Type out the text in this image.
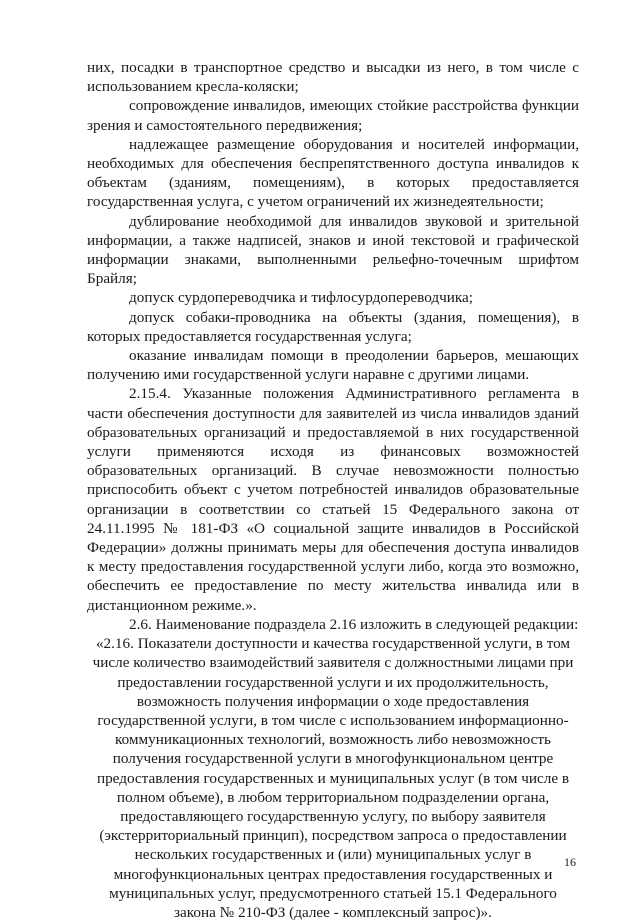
них, посадки в транспортное средство и высадки из него, в том числе с использованием кресла-коляски;

сопровождение инвалидов, имеющих стойкие расстройства функции зрения и самостоятельного передвижения;

надлежащее размещение оборудования и носителей информации, необходимых для обеспечения беспрепятственного доступа инвалидов к объектам (зданиям, помещениям), в которых предоставляется государственная услуга, с учетом ограничений их жизнедеятельности;

дублирование необходимой для инвалидов звуковой и зрительной информации, а также надписей, знаков и иной текстовой и графической информации знаками, выполненными рельефно-точечным шрифтом Брайля;

допуск сурдопереводчика и тифлосурдопереводчика;

допуск собаки-проводника на объекты (здания, помещения), в которых предоставляется государственная услуга;

оказание инвалидам помощи в преодолении барьеров, мешающих получению ими государственной услуги наравне с другими лицами.

2.15.4. Указанные положения Административного регламента в части обеспечения доступности для заявителей из числа инвалидов зданий образовательных организаций и предоставляемой в них государственной услуги применяются исходя из финансовых возможностей образовательных организаций. В случае невозможности полностью приспособить объект с учетом потребностей инвалидов образовательные организации в соответствии со статьей 15 Федерального закона от 24.11.1995 № 181-ФЗ «О социальной защите инвалидов в Российской Федерации» должны принимать меры для обеспечения доступа инвалидов к месту предоставления государственной услуги либо, когда это возможно, обеспечить ее предоставление по месту жительства инвалида или в дистанционном режиме.».

2.6. Наименование подраздела 2.16 изложить в следующей редакции:

«2.16. Показатели доступности и качества государственной услуги, в том числе количество взаимодействий заявителя с должностными лицами при предоставлении государственной услуги и их продолжительность, возможность получения информации о ходе предоставления государственной услуги, в том числе с использованием информационно-коммуникационных технологий, возможность либо невозможность получения государственной услуги в многофункциональном центре предоставления государственных и муниципальных услуг (в том числе в полном объеме), в любом территориальном подразделении органа, предоставляющего государственную услугу, по выбору заявителя (экстерриториальный принцип), посредством запроса о предоставлении нескольких государственных и (или) муниципальных услуг в многофункциональных центрах предоставления государственных и муниципальных услуг, предусмотренного статьей 15.1 Федерального закона № 210-ФЗ (далее - комплексный запрос)».

16
